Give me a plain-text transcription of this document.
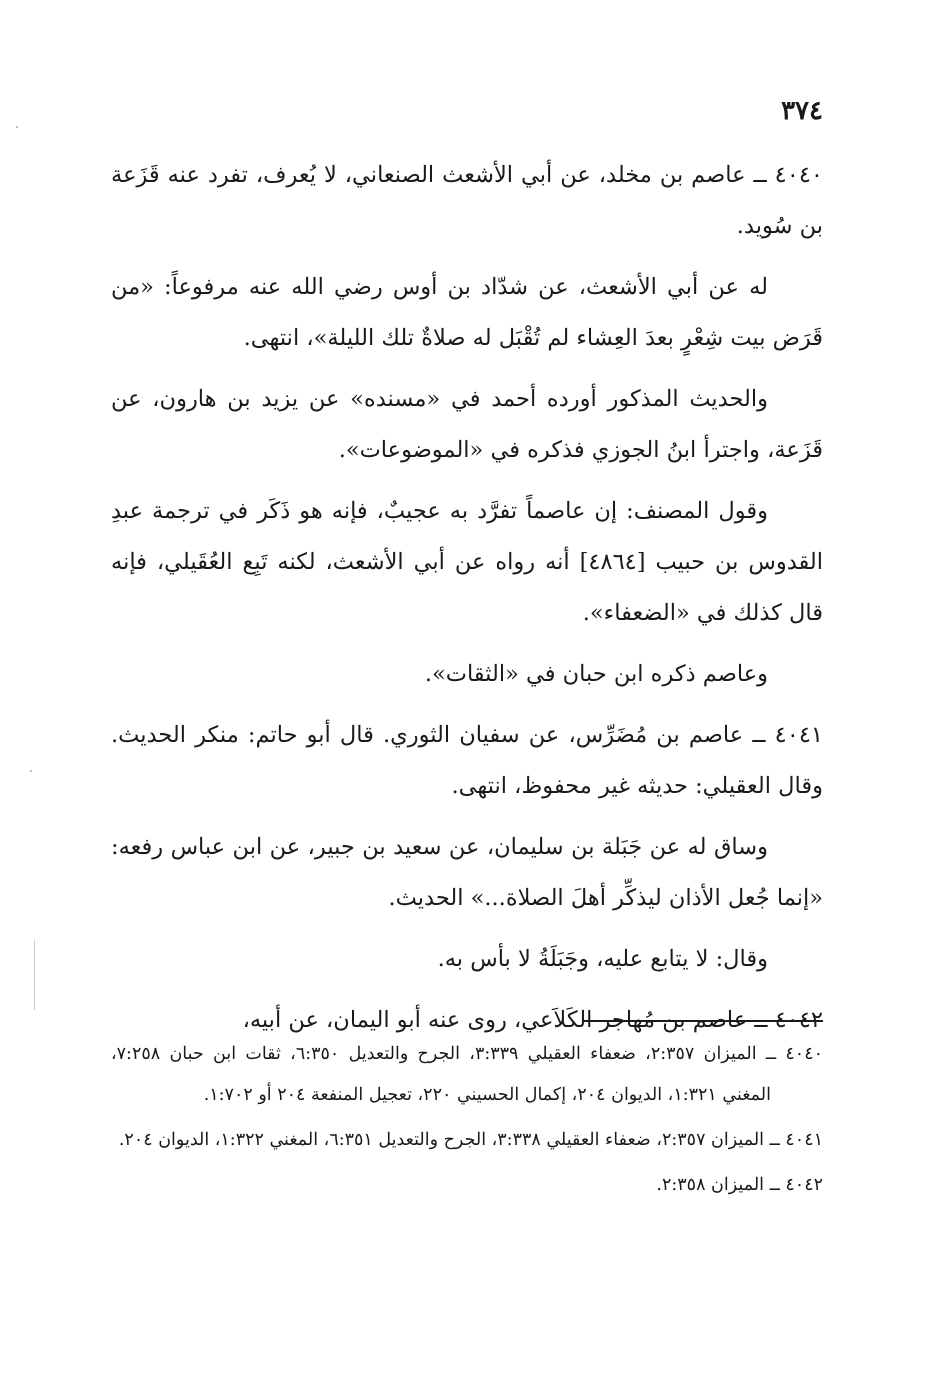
٣٧٤

٤٠٤٠ ــ عاصم بن مخلد، عن أبي الأشعث الصنعاني، لا يُعرف، تفرد عنه قَزَعة بن سُويد.

له عن أبي الأشعث، عن شدّاد بن أوس رضي الله عنه مرفوعاً: «من قَرَض بيت شِعْرٍ بعدَ العِشاء لم تُقْبَل له صلاةٌ تلك الليلة»، انتهى.

والحديث المذكور أورده أحمد في «مسنده» عن يزيد بن هارون، عن قَزَعة، واجترأ ابنُ الجوزي فذكره في «الموضوعات».

وقول المصنف: إن عاصماً تفرَّد به عجيبٌ، فإنه هو ذَكَر في ترجمة عبدِ القدوس بن حبيب [٤٨٦٤] أنه رواه عن أبي الأشعث، لكنه تَبِع العُقَيلي، فإنه قال كذلك في «الضعفاء».

وعاصم ذكره ابن حبان في «الثقات».

٤٠٤١ ــ عاصم بن مُضَرِّس، عن سفيان الثوري. قال أبو حاتم: منكر الحديث. وقال العقيلي: حديثه غير محفوظ، انتهى.

وساق له عن جَبَلة بن سليمان، عن سعيد بن جبير، عن ابن عباس رفعه: «إنما جُعل الأذان ليذكِّر أهلَ الصلاة...» الحديث.

وقال: لا يتابع عليه، وجَبَلَةُ لا بأس به.

٤٠٤٢ ــ عاصم بن مُهاجر الكَلاَعي، روى عنه أبو اليمان، عن أبيه،

٤٠٤٠ ــ الميزان ٢:٣٥٧، ضعفاء العقيلي ٣:٣٣٩، الجرح والتعديل ٦:٣٥٠، ثقات ابن حبان ٧:٢٥٨، المغني ١:٣٢١، الديوان ٢٠٤، إكمال الحسيني ٢٢٠، تعجيل المنفعة ٢٠٤ أو ١:٧٠٢.

٤٠٤١ ــ الميزان ٢:٣٥٧، ضعفاء العقيلي ٣:٣٣٨، الجرح والتعديل ٦:٣٥١، المغني ١:٣٢٢، الديوان ٢٠٤.

٤٠٤٢ ــ الميزان ٢:٣٥٨.
